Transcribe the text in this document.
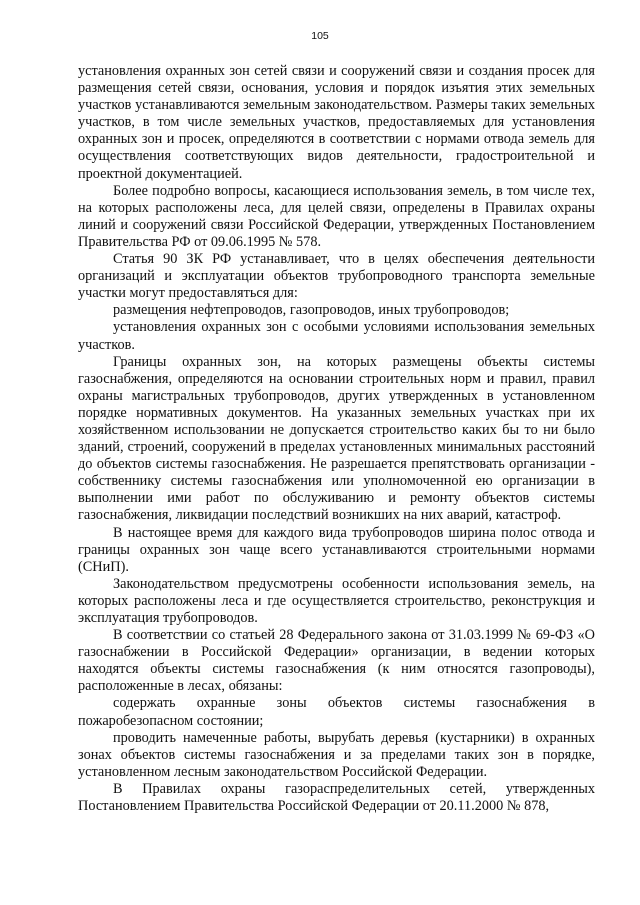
105

установления охранных зон сетей связи и сооружений связи и создания просек для размещения сетей связи, основания, условия и порядок изъятия этих земельных участков устанавливаются земельным законодательством. Размеры таких земельных участков, в том числе земельных участков, предоставляемых для установления охранных зон и просек, определяются в соответствии с нормами отвода земель для осуществления соответствующих видов деятельности, градостроительной и проектной документацией.

Более подробно вопросы, касающиеся использования земель, в том числе тех, на которых расположены леса, для целей связи, определены в Правилах охраны линий и сооружений связи Российской Федерации, утвержденных Постановлением Правительства РФ от 09.06.1995 № 578.

Статья 90 ЗК РФ устанавливает, что в целях обеспечения деятельности организаций и эксплуатации объектов трубопроводного транспорта земельные участки могут предоставляться для:

размещения нефтепроводов, газопроводов, иных трубопроводов;

установления охранных зон с особыми условиями использования земельных участков.

Границы охранных зон, на которых размещены объекты системы газоснабжения, определяются на основании строительных норм и правил, правил охраны магистральных трубопроводов, других утвержденных в установленном порядке нормативных документов. На указанных земельных участках при их хозяйственном использовании не допускается строительство каких бы то ни было зданий, строений, сооружений в пределах установленных минимальных расстояний до объектов системы газоснабжения. Не разрешается препятствовать организации - собственнику системы газоснабжения или уполномоченной ею организации в выполнении ими работ по обслуживанию и ремонту объектов системы газоснабжения, ликвидации последствий возникших на них аварий, катастроф.

В настоящее время для каждого вида трубопроводов ширина полос отвода и границы охранных зон чаще всего устанавливаются строительными нормами (СНиП).

Законодательством предусмотрены особенности использования земель, на которых расположены леса и где осуществляется строительство, реконструкция и эксплуатация трубопроводов.

В соответствии со статьей 28 Федерального закона от 31.03.1999 № 69-ФЗ «О газоснабжении в Российской Федерации» организации, в ведении которых находятся объекты системы газоснабжения (к ним относятся газопроводы), расположенные в лесах, обязаны:

содержать охранные зоны объектов системы газоснабжения в пожаробезопасном состоянии;

проводить намеченные работы, вырубать деревья (кустарники) в охранных зонах объектов системы газоснабжения и за пределами таких зон в порядке, установленном лесным законодательством Российской Федерации.

В Правилах охраны газораспределительных сетей, утвержденных Постановлением Правительства Российской Федерации от 20.11.2000 № 878,
